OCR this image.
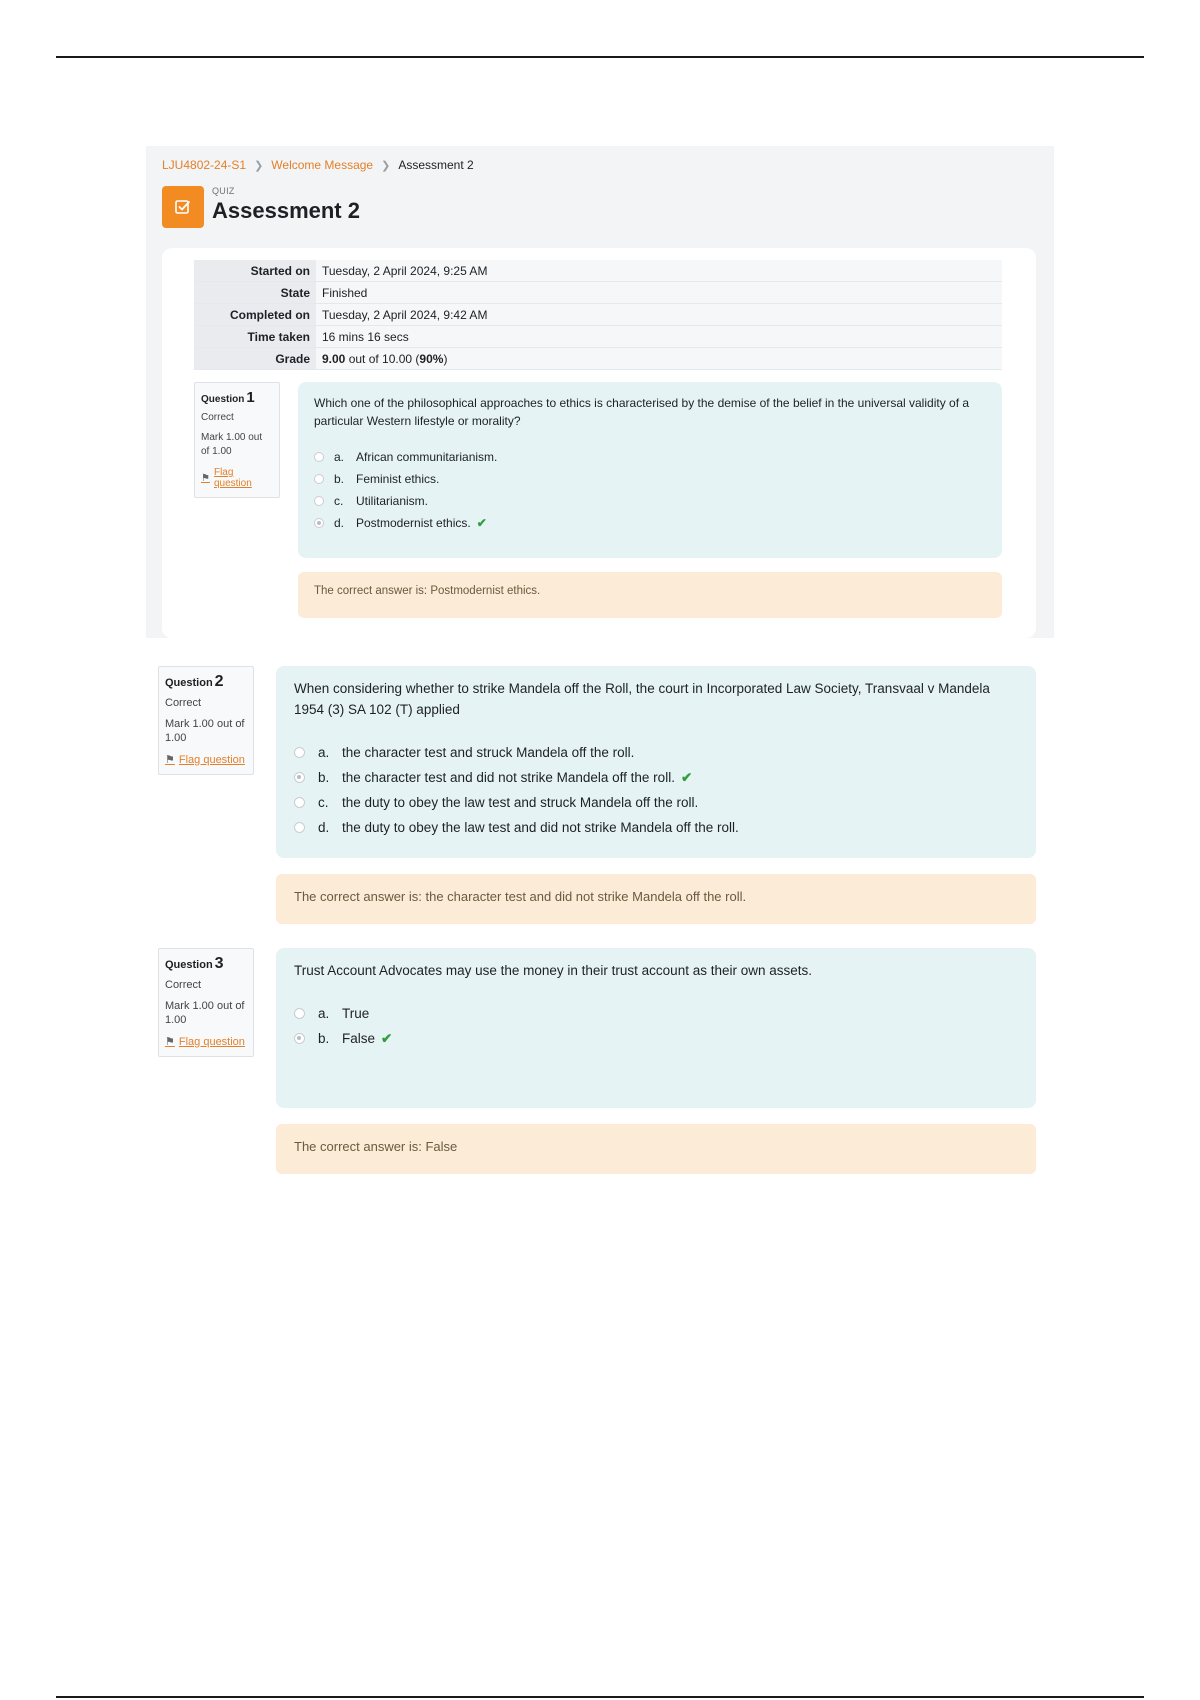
LJU4802-24-S1 ❯ Welcome Message ❯ Assessment 2
QUIZ
Assessment 2
Started on	Tuesday, 2 April 2024, 9:25 AM
State	Finished
Completed on	Tuesday, 2 April 2024, 9:42 AM
Time taken	16 mins 16 secs
Grade	9.00 out of 10.00 (90%)
Question 1
Correct
Mark 1.00 out of 1.00
⚑ Flag question
Which one of the philosophical approaches to ethics is characterised by the demise of the belief in the universal validity of a particular Western lifestyle or morality?
a. African communitarianism.
b. Feminist ethics.
c.	Utilitarianism.
d. Postmodernist ethics. ✔
The correct answer is: Postmodernist ethics.
Question 2
Correct
Mark 1.00 out of 1.00
⚑ Flag question
When considering whether to strike Mandela off the Roll, the court in Incorporated Law Society, Transvaal v Mandela 1954 (3) SA 102 (T) applied
a. the character test and struck Mandela off the roll.
b. the character test and did not strike Mandela off the roll. ✔
c. the duty to obey the law test and struck Mandela off the roll.
d. the duty to obey the law test and did not strike Mandela off the roll.
The correct answer is: the character test and did not strike Mandela off the roll.
Question 3
Correct
Mark 1.00 out of 1.00
⚑ Flag question
Trust Account Advocates may use the money in their trust account as their own assets.
a. True
b. False ✔
The correct answer is: False
